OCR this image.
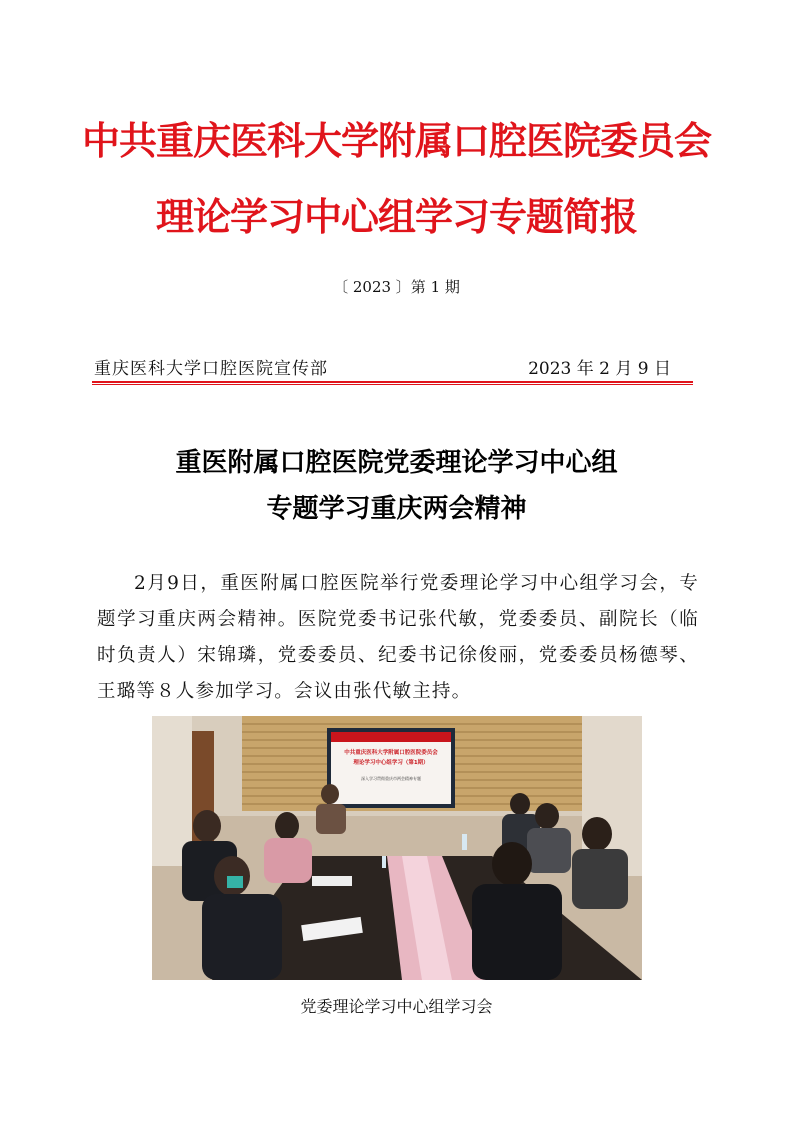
中共重庆医科大学附属口腔医院委员会
理论学习中心组学习专题简报
〔 2023 〕第 1 期
重庆医科大学口腔医院宣传部	2023 年 2 月 9 日
重医附属口腔医院党委理论学习中心组
专题学习重庆两会精神

2月9日，重医附属口腔医院举行党委理论学习中心组学习会，专题学习重庆两会精神。医院党委书记张代敏，党委委员、副院长（临时负责人）宋锦璘，党委委员、纪委书记徐俊丽，党委委员杨德琴、王璐等８人参加学习。会议由张代敏主持。

中共重庆医科大学附属口腔医院委员会
理论学习中心组学习（第1期）
深入学习贯彻重庆市两会精神专题
党委理论学习中心组学习会
